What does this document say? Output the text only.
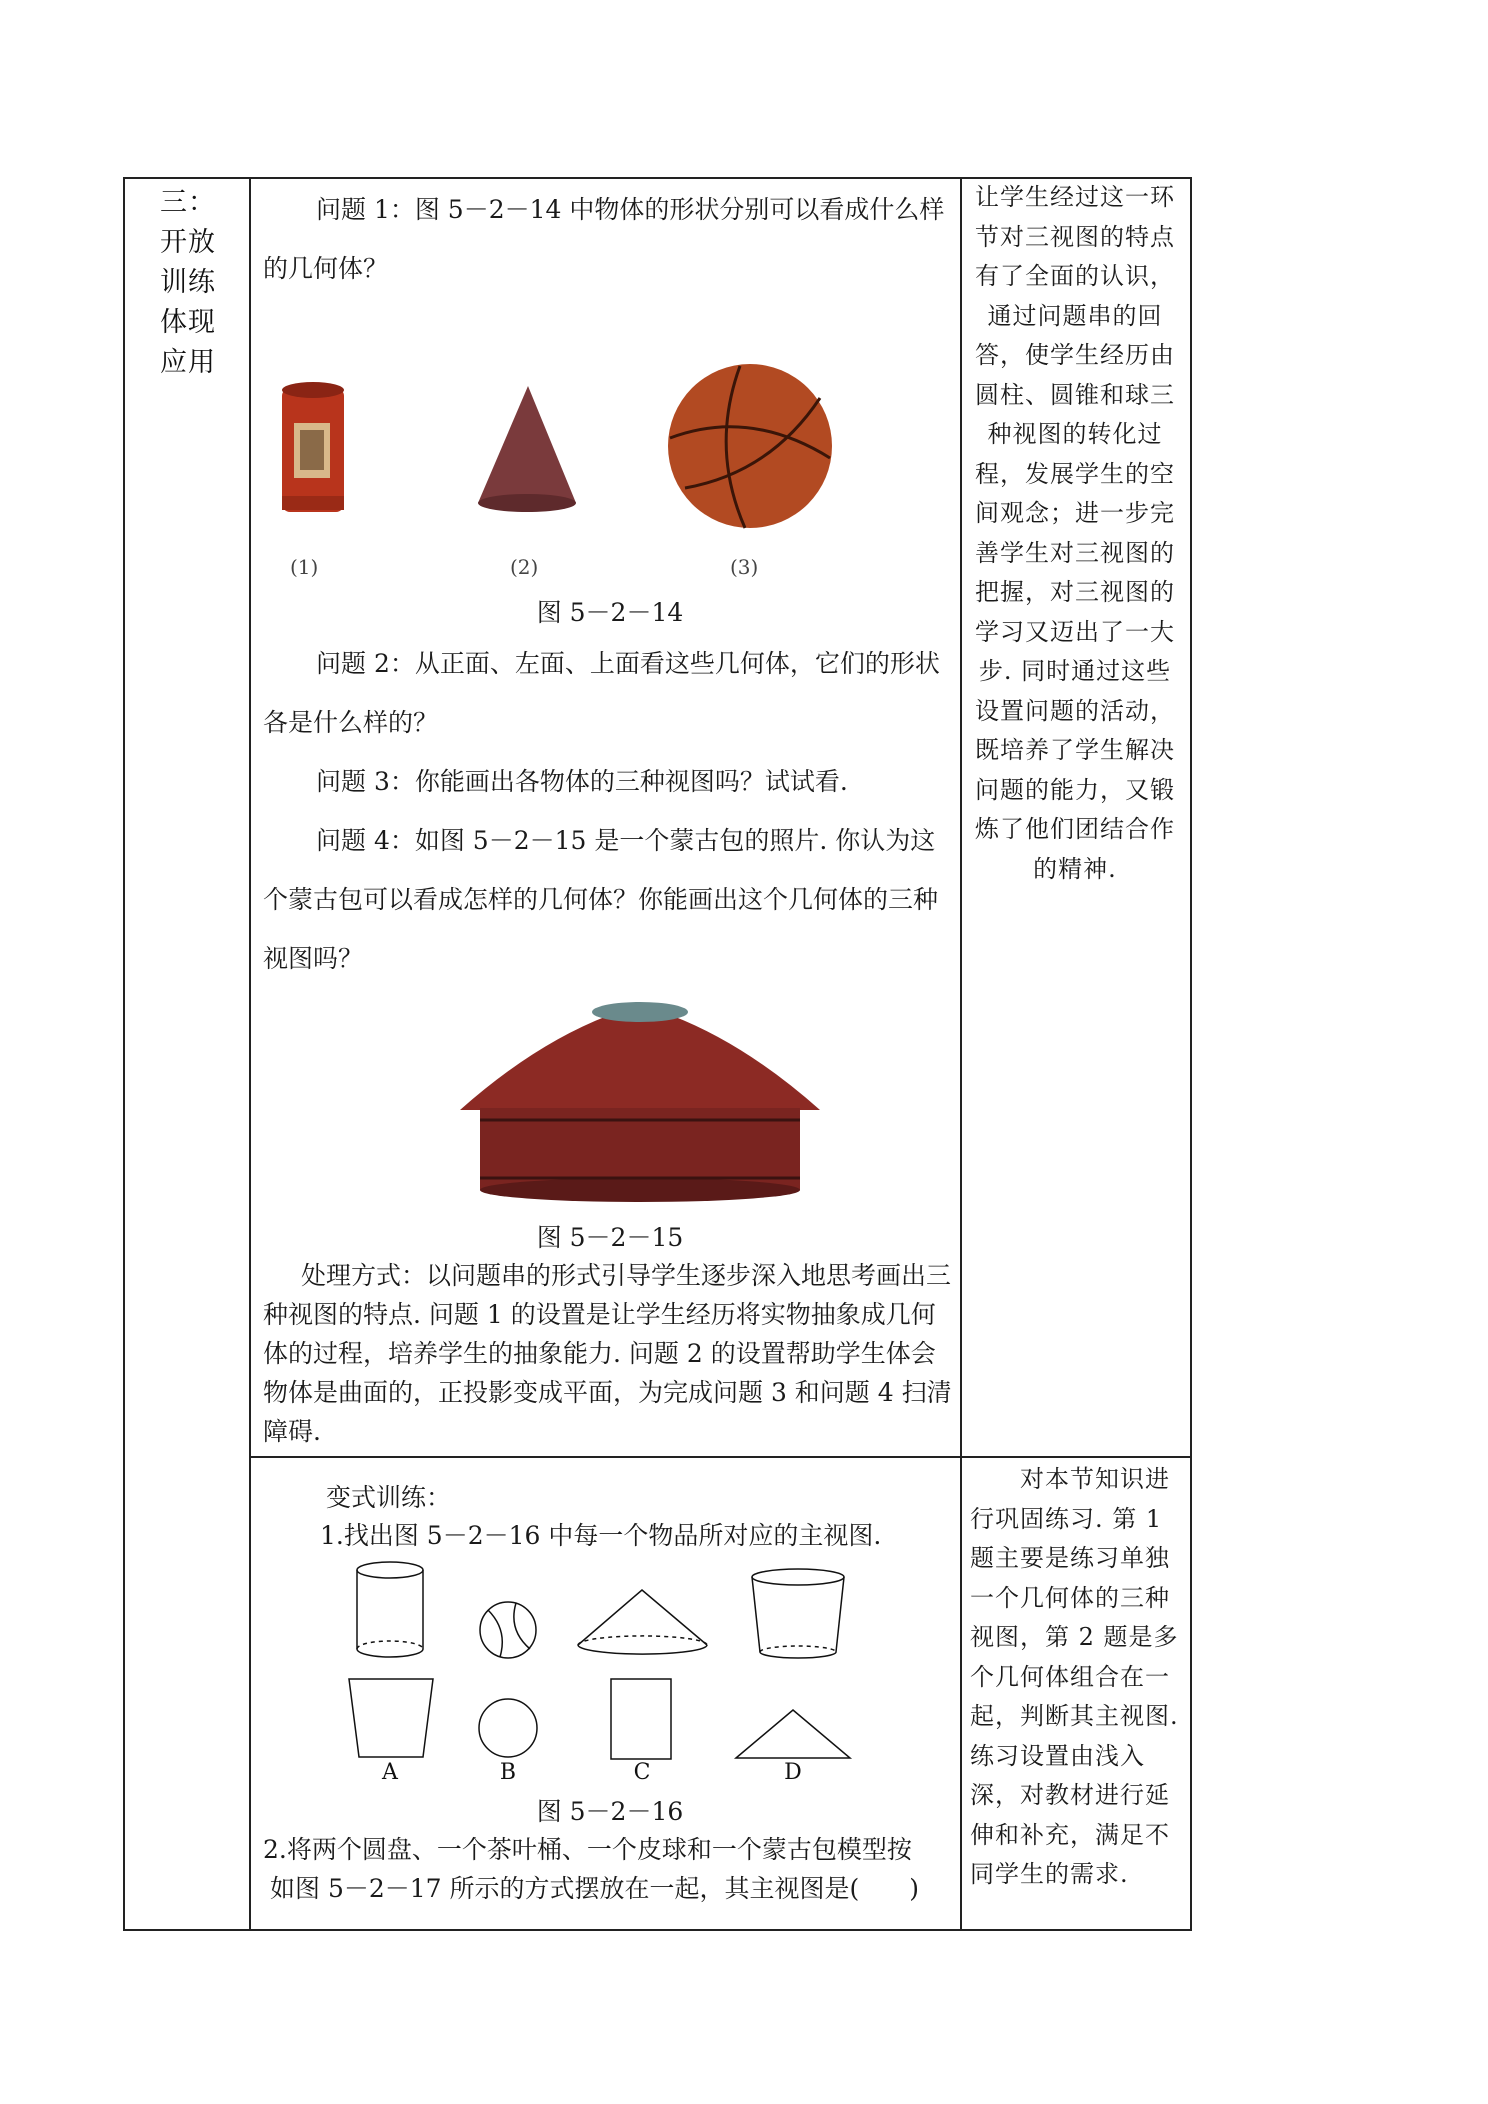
三：
开放
训练
体现
应用
问题 1：图 5－2－14 中物体的形状分别可以看成什么样的几何体？
(1)	(2)	(3)
图 5－2－14
问题 2：从正面、左面、上面看这些几何体，它们的形状各是什么样的？
问题 3：你能画出各物体的三种视图吗？试试看.
问题 4：如图 5－2－15 是一个蒙古包的照片. 你认为这个蒙古包可以看成怎样的几何体？你能画出这个几何体的三种视图吗？
图 5－2－15
处理方式：以问题串的形式引导学生逐步深入地思考画出三种视图的特点. 问题 1 的设置是让学生经历将实物抽象成几何体的过程，培养学生的抽象能力. 问题 2 的设置帮助学生体会物体是曲面的，正投影变成平面，为完成问题 3 和问题 4 扫清障碍.
让学生经过这一环节对三视图的特点有了全面的认识，通过问题串的回答，使学生经历由圆柱、圆锥和球三种视图的转化过程，发展学生的空间观念；进一步完善学生对三视图的把握，对三视图的学习又迈出了一大步. 同时通过这些设置问题的活动，既培养了学生解决问题的能力，又锻炼了他们团结合作的精神.
变式训练：
1.找出图 5－2－16 中每一个物品所对应的主视图.
A	B	C	D
图 5－2－16
2.将两个圆盘、一个茶叶桶、一个皮球和一个蒙古包模型按
如图 5－2－17 所示的方式摆放在一起，其主视图是(　　)
对本节知识进行巩固练习. 第 1 题主要是练习单独一个几何体的三种视图，第 2 题是多个几何体组合在一起，判断其主视图. 练习设置由浅入深，对教材进行延伸和补充，满足不同学生的需求.
